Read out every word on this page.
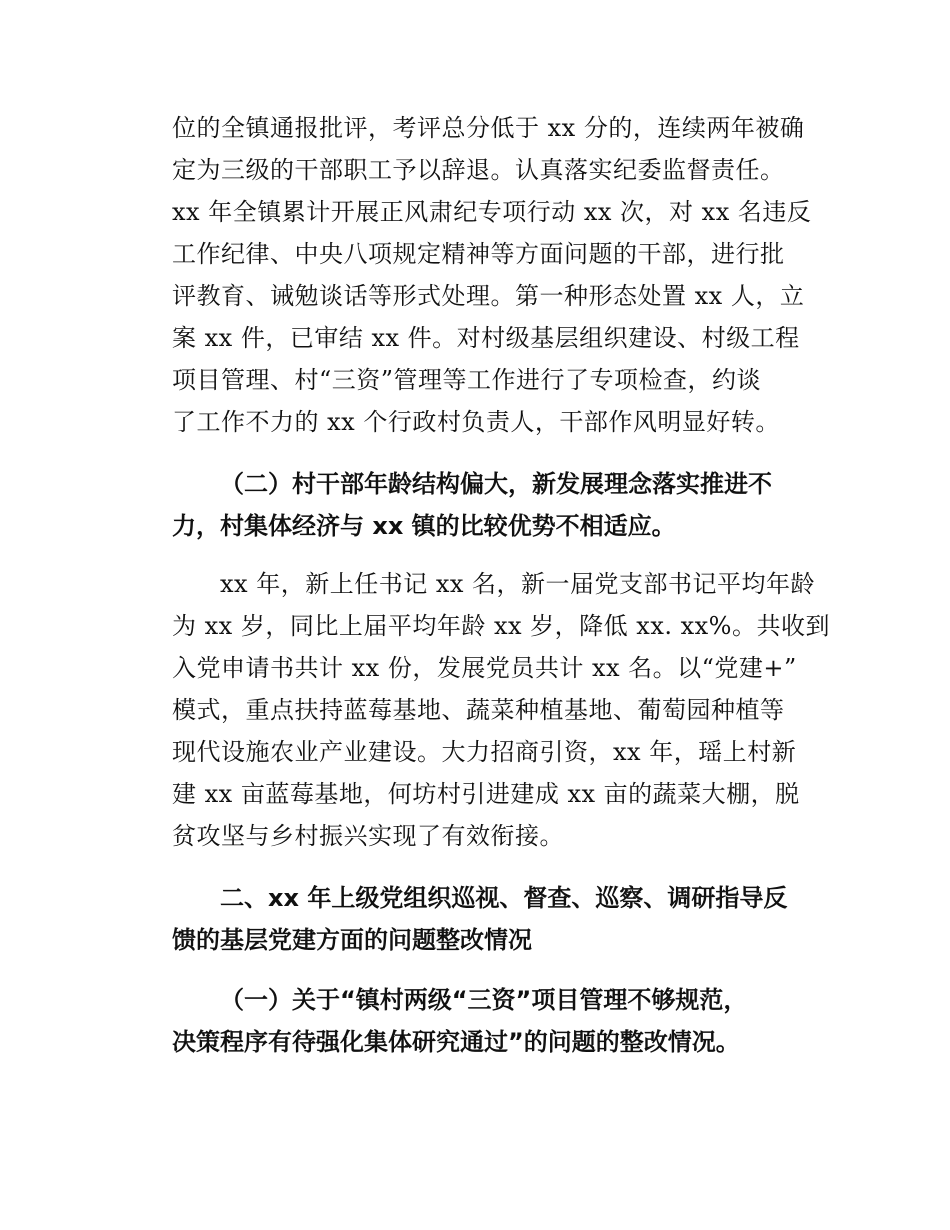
位的全镇通报批评，考评总分低于 xx 分的，连续两年被确
定为三级的干部职工予以辞退。认真落实纪委监督责任。
xx 年全镇累计开展正风肃纪专项行动 xx 次，对 xx 名违反
工作纪律、中央八项规定精神等方面问题的干部，进行批
评教育、诫勉谈话等形式处理。第一种形态处置 xx 人，立
案 xx 件，已审结 xx 件。对村级基层组织建设、村级工程
项目管理、村“三资”管理等工作进行了专项检查，约谈
了工作不力的 xx 个行政村负责人，干部作风明显好转。
（二）村干部年龄结构偏大，新发展理念落实推进不
力，村集体经济与 xx 镇的比较优势不相适应。
xx 年，新上任书记 xx 名，新一届党支部书记平均年龄
为 xx 岁，同比上届平均年龄 xx 岁，降低 xx. xx%。共收到
入党申请书共计 xx 份，发展党员共计 xx 名。以“党建+”
模式，重点扶持蓝莓基地、蔬菜种植基地、葡萄园种植等
现代设施农业产业建设。大力招商引资，xx 年，瑶上村新
建 xx 亩蓝莓基地，何坊村引进建成 xx 亩的蔬菜大棚，脱
贫攻坚与乡村振兴实现了有效衔接。
二、xx 年上级党组织巡视、督查、巡察、调研指导反
馈的基层党建方面的问题整改情况
（一）关于“镇村两级“三资”项目管理不够规范，
决策程序有待强化集体研究通过”的问题的整改情况。
